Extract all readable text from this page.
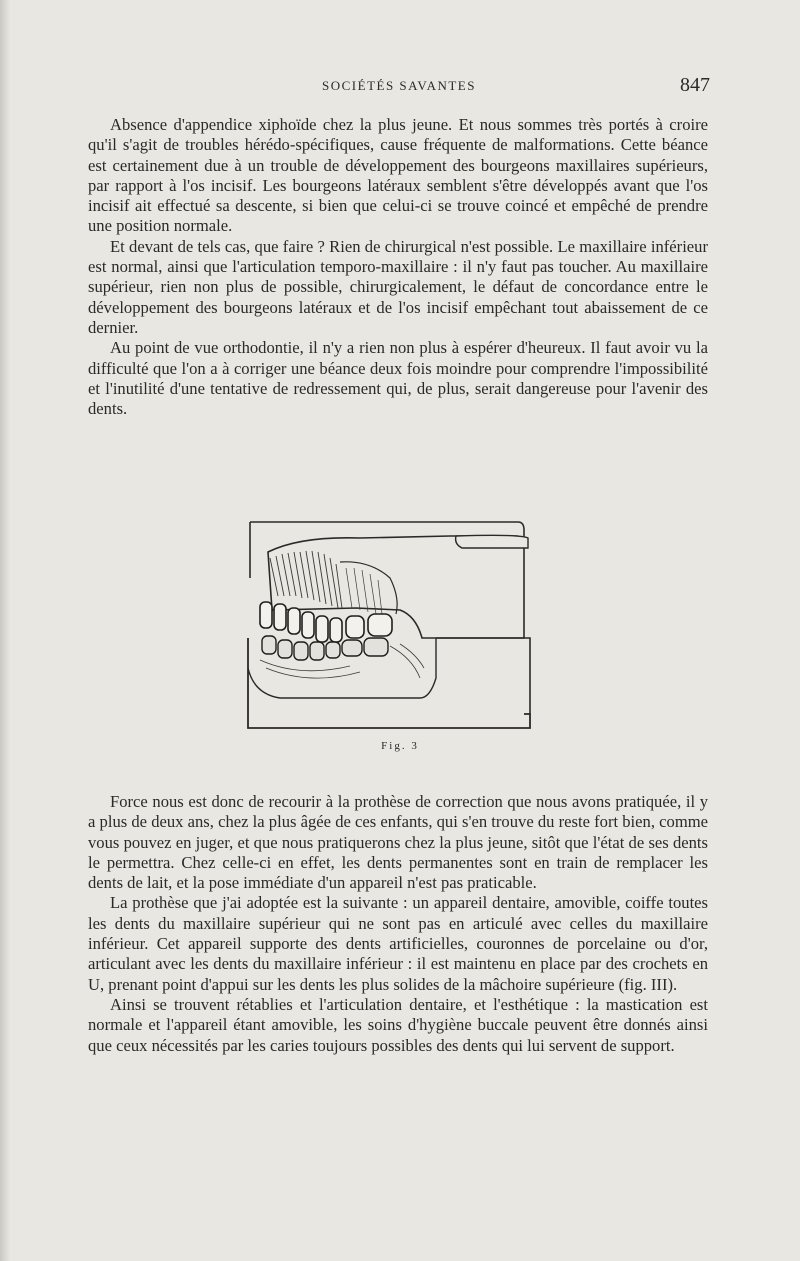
SOCIÉTÉS SAVANTES	847

Absence d'appendice xiphoïde chez la plus jeune. Et nous sommes très portés à croire qu'il s'agit de troubles hérédo-spécifiques, cause fréquente de malformations. Cette béance est certainement due à un trouble de développement des bourgeons maxillaires supérieurs, par rapport à l'os incisif. Les bourgeons latéraux semblent s'être développés avant que l'os incisif ait effectué sa descente, si bien que celui-ci se trouve coincé et empêché de prendre une position normale.

Et devant de tels cas, que faire ? Rien de chirurgical n'est possible. Le maxillaire inférieur est normal, ainsi que l'articulation temporo-maxillaire : il n'y faut pas toucher. Au maxillaire supérieur, rien non plus de possible, chirurgicalement, le défaut de concordance entre le développement des bourgeons latéraux et de l'os incisif empêchant tout abaissement de ce dernier.

Au point de vue orthodontie, il n'y a rien non plus à espérer d'heureux. Il faut avoir vu la difficulté que l'on a à corriger une béance deux fois moindre pour comprendre l'impossibilité et l'inutilité d'une tentative de redressement qui, de plus, serait dangereuse pour l'avenir des dents.

Fig. 3

Force nous est donc de recourir à la prothèse de correction que nous avons pratiquée, il y a plus de deux ans, chez la plus âgée de ces enfants, qui s'en trouve du reste fort bien, comme vous pouvez en juger, et que nous pratiquerons chez la plus jeune, sitôt que l'état de ses dents le permettra. Chez celle-ci en effet, les dents permanentes sont en train de remplacer les dents de lait, et la pose immédiate d'un appareil n'est pas praticable.

La prothèse que j'ai adoptée est la suivante : un appareil dentaire, amovible, coiffe toutes les dents du maxillaire supérieur qui ne sont pas en articulé avec celles du maxillaire inférieur. Cet appareil supporte des dents artificielles, couronnes de porcelaine ou d'or, articulant avec les dents du maxillaire inférieur : il est maintenu en place par des crochets en U, prenant point d'appui sur les dents les plus solides de la mâchoire supérieure (fig. III).

Ainsi se trouvent rétablies et l'articulation dentaire, et l'esthétique : la mastication est normale et l'appareil étant amovible, les soins d'hygiène buccale peuvent être donnés ainsi que ceux nécessités par les caries toujours possibles des dents qui lui servent de support.
